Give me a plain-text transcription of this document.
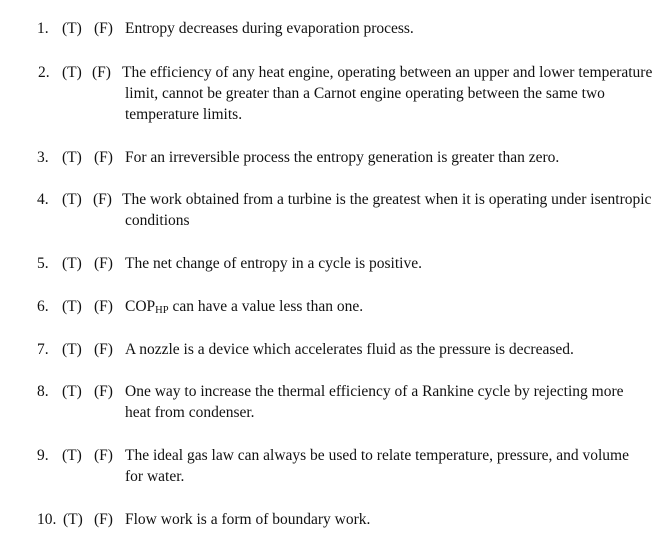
1. (T) (F) Entropy decreases during evaporation process.
2. (T) (F) The efficiency of any heat engine, operating between an upper and lower temperature
limit, cannot be greater than a Carnot engine operating between the same two
temperature limits.
3. (T) (F) For an irreversible process the entropy generation is greater than zero.
4. (T) (F) The work obtained from a turbine is the greatest when it is operating under isentropic
conditions
5. (T) (F) The net change of entropy in a cycle is positive.
6. (T) (F) COPHP can have a value less than one.
7. (T) (F) A nozzle is a device which accelerates fluid as the pressure is decreased.
8. (T) (F) One way to increase the thermal efficiency of a Rankine cycle by rejecting more
heat from condenser.
9. (T) (F) The ideal gas law can always be used to relate temperature, pressure, and volume
for water.
10. (T) (F) Flow work is a form of boundary work.
